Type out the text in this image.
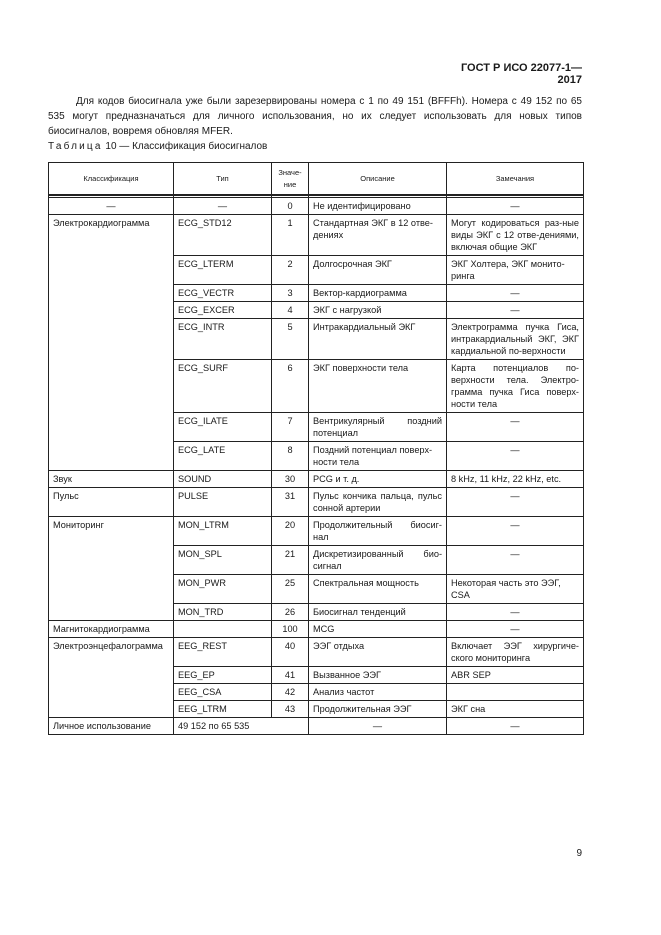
ГОСТ Р ИСО 22077-1—2017
Для кодов биосигнала уже были зарезервированы номера с 1 по 49 151 (BFFFh). Номера с 49 152 по 65 535 могут предназначаться для личного использования, но их следует использовать для новых типов биосигналов, вовремя обновляя MFER.
Таблица 10 — Классификация биосигналов
Классификация	Тип	Значе-ние	Описание	Замечания

—	—	0	Не идентифицировано	—
Электрокардиограмма	ECG_STD12	1	Стандартная ЭКГ в 12 отве-дениях	Могут кодироваться раз-ные виды ЭКГ с 12 отве-дениями, включая общие ЭКГ
	ECG_LTERM	2	Долгосрочная ЭКГ	ЭКГ Холтера, ЭКГ монито-ринга
	ECG_VECTR	3	Вектор-кардиограмма	—
	ECG_EXCER	4	ЭКГ с нагрузкой	—
	ECG_INTR	5	Интракардиальный ЭКГ	Электрограмма пучка Гиса, интракардиальный ЭКГ, ЭКГ кардиальной по-верхности
	ECG_SURF	6	ЭКГ поверхности тела	Карта потенциалов по-верхности тела. Электро-грамма пучка Гиса поверх-ности тела
	ECG_ILATE	7	Вентрикулярный поздний потенциал	—
	ECG_LATE	8	Поздний потенциал поверх-ности тела	—
Звук	SOUND	30	PCG и т. д.	8 kHz, 11 kHz, 22 kHz, etc.
Пульс	PULSE	31	Пульс кончика пальца, пульс сонной артерии	—
Мониторинг	MON_LTRM	20	Продолжительный биосиг-нал	—
	MON_SPL	21	Дискретизированный био-сигнал	—
	MON_PWR	25	Спектральная мощность	Некоторая часть это ЭЭГ, CSA
	MON_TRD	26	Биосигнал тенденций	—
Магнитокардиограмма		100	MCG	—
Электроэнцефалограмма	EEG_REST	40	ЭЭГ отдыха	Включает ЭЭГ хирургиче-ского мониторинга
	EEG_EP	41	Вызванное ЭЭГ	ABR SEP
	EEG_CSA	42	Анализ частот	
	EEG_LTRM	43	Продолжительная ЭЭГ	ЭКГ сна
Личное использование	49 152 по 65 535		—	—
9
